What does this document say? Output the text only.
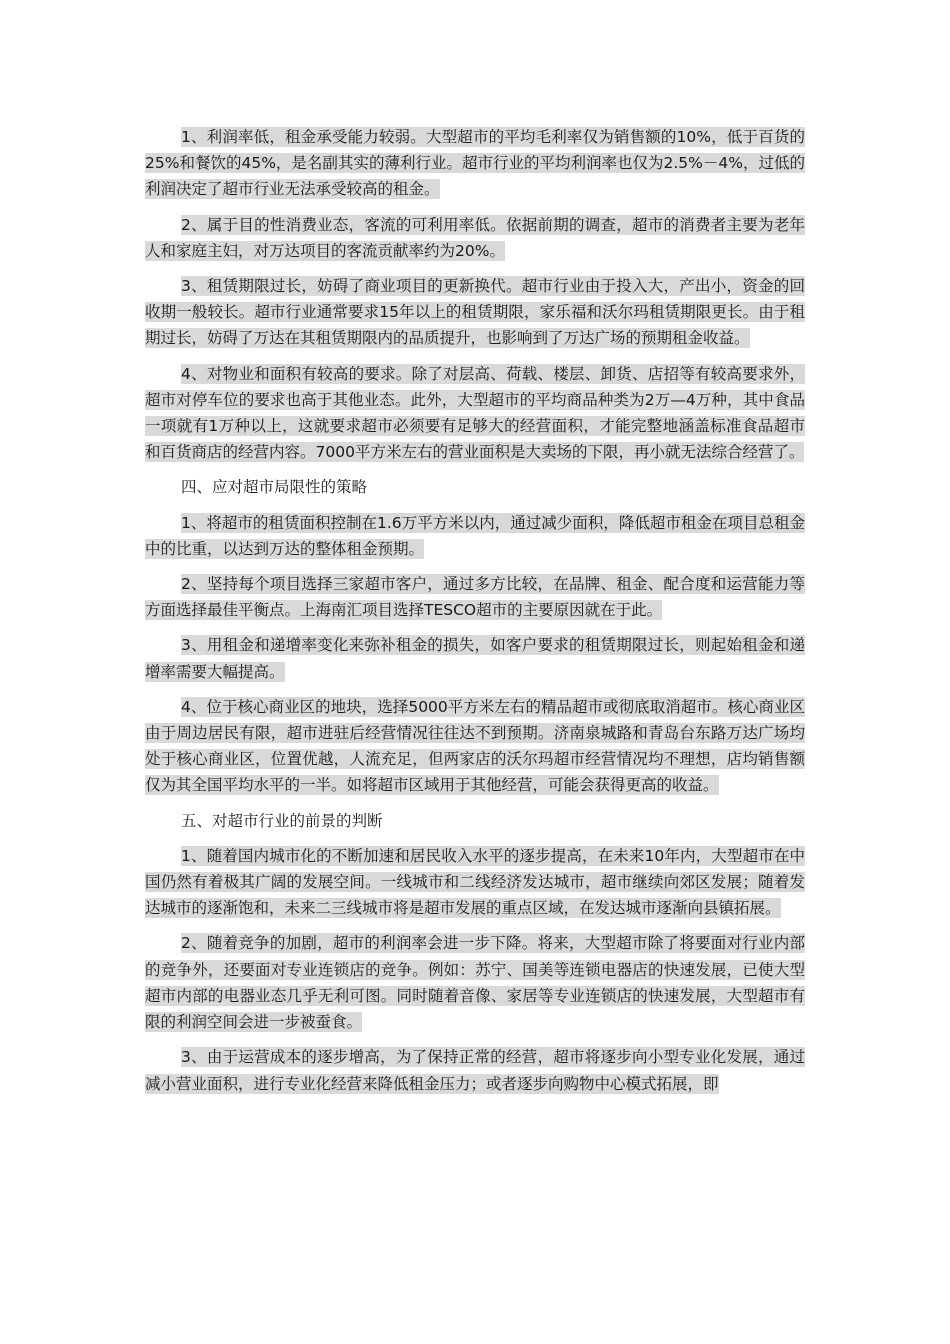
1、利润率低，租金承受能力较弱。大型超市的平均毛利率仅为销售额的10%，低于百货的25%和餐饮的45%，是名副其实的薄利行业。超市行业的平均利润率也仅为2.5%－4%，过低的利润决定了超市行业无法承受较高的租金。

2、属于目的性消费业态，客流的可利用率低。依据前期的调查，超市的消费者主要为老年人和家庭主妇，对万达项目的客流贡献率约为20%。

3、租赁期限过长，妨碍了商业项目的更新换代。超市行业由于投入大，产出小，资金的回收期一般较长。超市行业通常要求15年以上的租赁期限，家乐福和沃尔玛租赁期限更长。由于租期过长，妨碍了万达在其租赁期限内的品质提升，也影响到了万达广场的预期租金收益。

4、对物业和面积有较高的要求。除了对层高、荷载、楼层、卸货、店招等有较高要求外，超市对停车位的要求也高于其他业态。此外，大型超市的平均商品种类为2万—4万种，其中食品一项就有1万种以上，这就要求超市必须要有足够大的经营面积，才能完整地涵盖标准食品超市和百货商店的经营内容。7000平方米左右的营业面积是大卖场的下限，再小就无法综合经营了。

四、应对超市局限性的策略

1、将超市的租赁面积控制在1.6万平方米以内，通过减少面积，降低超市租金在项目总租金中的比重，以达到万达的整体租金预期。

2、坚持每个项目选择三家超市客户，通过多方比较，在品牌、租金、配合度和运营能力等方面选择最佳平衡点。上海南汇项目选择TESCO超市的主要原因就在于此。

3、用租金和递增率变化来弥补租金的损失，如客户要求的租赁期限过长，则起始租金和递增率需要大幅提高。

4、位于核心商业区的地块，选择5000平方米左右的精品超市或彻底取消超市。核心商业区由于周边居民有限，超市进驻后经营情况往往达不到预期。济南泉城路和青岛台东路万达广场均处于核心商业区，位置优越，人流充足，但两家店的沃尔玛超市经营情况均不理想，店均销售额仅为其全国平均水平的一半。如将超市区域用于其他经营，可能会获得更高的收益。

五、对超市行业的前景的判断

1、随着国内城市化的不断加速和居民收入水平的逐步提高，在未来10年内，大型超市在中国仍然有着极其广阔的发展空间。一线城市和二线经济发达城市，超市继续向郊区发展；随着发达城市的逐渐饱和，未来二三线城市将是超市发展的重点区域，在发达城市逐渐向县镇拓展。

2、随着竞争的加剧，超市的利润率会进一步下降。将来，大型超市除了将要面对行业内部的竞争外，还要面对专业连锁店的竞争。例如：苏宁、国美等连锁电器店的快速发展，已使大型超市内部的电器业态几乎无利可图。同时随着音像、家居等专业连锁店的快速发展，大型超市有限的利润空间会进一步被蚕食。

3、由于运营成本的逐步增高，为了保持正常的经营，超市将逐步向小型专业化发展，通过减小营业面积，进行专业化经营来降低租金压力；或者逐步向购物中心模式拓展，即
